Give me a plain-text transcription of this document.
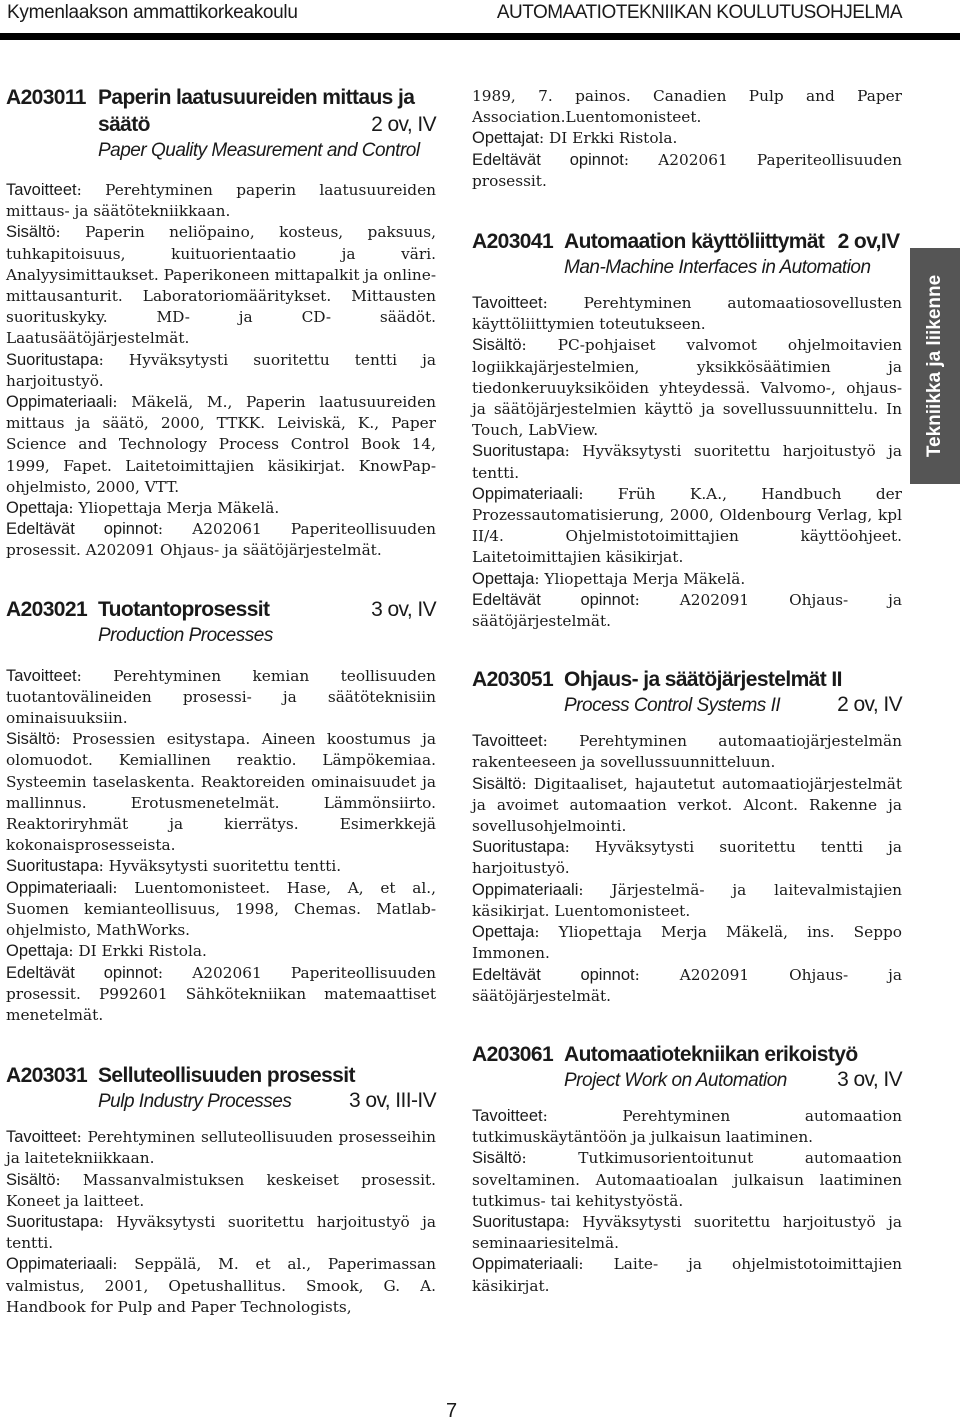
Kymenlaakson ammattikorkeakoulu	AUTOMAATIOTEKNIIKAN KOULUTUSOHJELMA
A203011 Paperin laatusuureiden mittaus ja
säätö	2 ov, IV
Paper Quality Measurement and Control

Tavoitteet: Perehtyminen paperin laatusuureiden mittaus- ja säätötekniikkaan.

Sisältö: Paperin neliöpaino, kosteus, paksuus, tuhkapitoisuus, kuituorientaatio ja väri. Analyysimittaukset. Paperikoneen mittapalkit ja online-mittausanturit. Laboratoriomääritykset. Mittausten suorituskyky. MD- ja CD- säädöt. Laatusäätöjärjestelmät.

Suoritustapa: Hyväksytysti suoritettu tentti ja harjoitustyö.

Oppimateriaali: Mäkelä, M., Paperin laatusuureiden mittaus ja säätö, 2000, TTKK. Leiviskä, K., Paper Science and Technology Process Control Book 14, 1999, Fapet. Laitetoimittajien käsikirjat. KnowPap-ohjelmisto, 2000, VTT.

Opettaja: Yliopettaja Merja Mäkelä.

Edeltävät opinnot: A202061 Paperiteollisuuden prosessit. A202091 Ohjaus- ja säätöjärjestelmät.

A203021 Tuotantoprosessit	3 ov, IV
Production Processes

Tavoitteet: Perehtyminen kemian teollisuuden tuotantovälineiden prosessi- ja säätöteknisiin ominaisuuksiin.

Sisältö: Prosessien esitystapa. Aineen koostumus ja olomuodot. Kemiallinen reaktio. Lämpökemiaa. Systeemin taselaskenta. Reaktoreiden ominaisuudet ja mallinnus. Erotusmenetelmät. Lämmönsiirto. Reaktoriryhmät ja kierrätys. Esimerkkejä kokonaisprosesseista.

Suoritustapa: Hyväksytysti suoritettu tentti.

Oppimateriaali: Luentomonisteet. Hase, A, et al., Suomen kemianteollisuus, 1998, Chemas. Matlab-ohjelmisto, MathWorks.

Opettaja: DI Erkki Ristola.

Edeltävät opinnot: A202061 Paperiteollisuuden prosessit. P992601 Sähkötekniikan matemaattiset menetelmät.

A203031 Selluteollisuuden prosessit
Pulp Industry Processes	3 ov, III-IV

Tavoitteet: Perehtyminen selluteollisuuden prosesseihin ja laitetekniikkaan.

Sisältö: Massanvalmistuksen keskeiset prosessit. Koneet ja laitteet.

Suoritustapa: Hyväksytysti suoritettu harjoitustyö ja tentti.

Oppimateriaali: Seppälä, M. et al., Paperimassan valmistus, 2001, Opetushallitus. Smook, G. A. Handbook for Pulp and Paper Technologists,

1989, 7. painos. Canadien Pulp and Paper Association.Luentomonisteet.

Opettajat: DI Erkki Ristola.

Edeltävät opinnot: A202061 Paperiteollisuuden prosessit.

A203041 Automaation käyttöliittymät 2 ov,IV
Man-Machine Interfaces in Automation

Tavoitteet: Perehtyminen automaatiosovellusten käyttöliittymien toteutukseen.

Sisältö: PC-pohjaiset valvomot ohjelmoitavien logiikkajärjestelmien, yksikkösäätimien ja tiedonkeruuyksiköiden yhteydessä. Valvomo-, ohjaus- ja säätöjärjestelmien käyttö ja sovellussuunnittelu. In Touch, LabView.

Suoritustapa: Hyväksytysti suoritettu harjoitustyö ja tentti.

Oppimateriaali: Früh K.A., Handbuch der Prozessautomatisierung, 2000, Oldenbourg Verlag, kpl II/4. Ohjelmistotoimittajien käyttöohjeet. Laitetoimittajien käsikirjat.

Opettaja: Yliopettaja Merja Mäkelä.

Edeltävät opinnot: A202091 Ohjaus- ja säätöjärjestelmät.

A203051 Ohjaus- ja säätöjärjestelmät II
Process Control Systems II	2 ov, IV

Tavoitteet: Perehtyminen automaatiojärjestelmän rakenteeseen ja sovellussuunnitteluun.

Sisältö: Digitaaliset, hajautetut automaatiojärjestelmät ja avoimet automaation verkot. Alcont. Rakenne ja sovellusohjelmointi.

Suoritustapa: Hyväksytysti suoritettu tentti ja harjoitustyö.

Oppimateriaali: Järjestelmä- ja laitevalmistajien käsikirjat. Luentomonisteet.

Opettaja: Yliopettaja Merja Mäkelä, ins. Seppo Immonen.

Edeltävät opinnot: A202091 Ohjaus- ja säätöjärjestelmät.

A203061 Automaatiotekniikan erikoistyö
Project Work on Automation 3 ov, IV

Tavoitteet: Perehtyminen automaation tutkimuskäytäntöön ja julkaisun laatiminen.

Sisältö: Tutkimusorientoitunut automaation soveltaminen. Automaatioalan julkaisun laatiminen tutkimus- tai kehitystyöstä.

Suoritustapa: Hyväksytysti suoritettu harjoitustyö ja seminaariesitelmä.

Oppimateriaali: Laite- ja ohjelmistotoimittajien käsikirjat.

Tekniikka ja liikenne
7
